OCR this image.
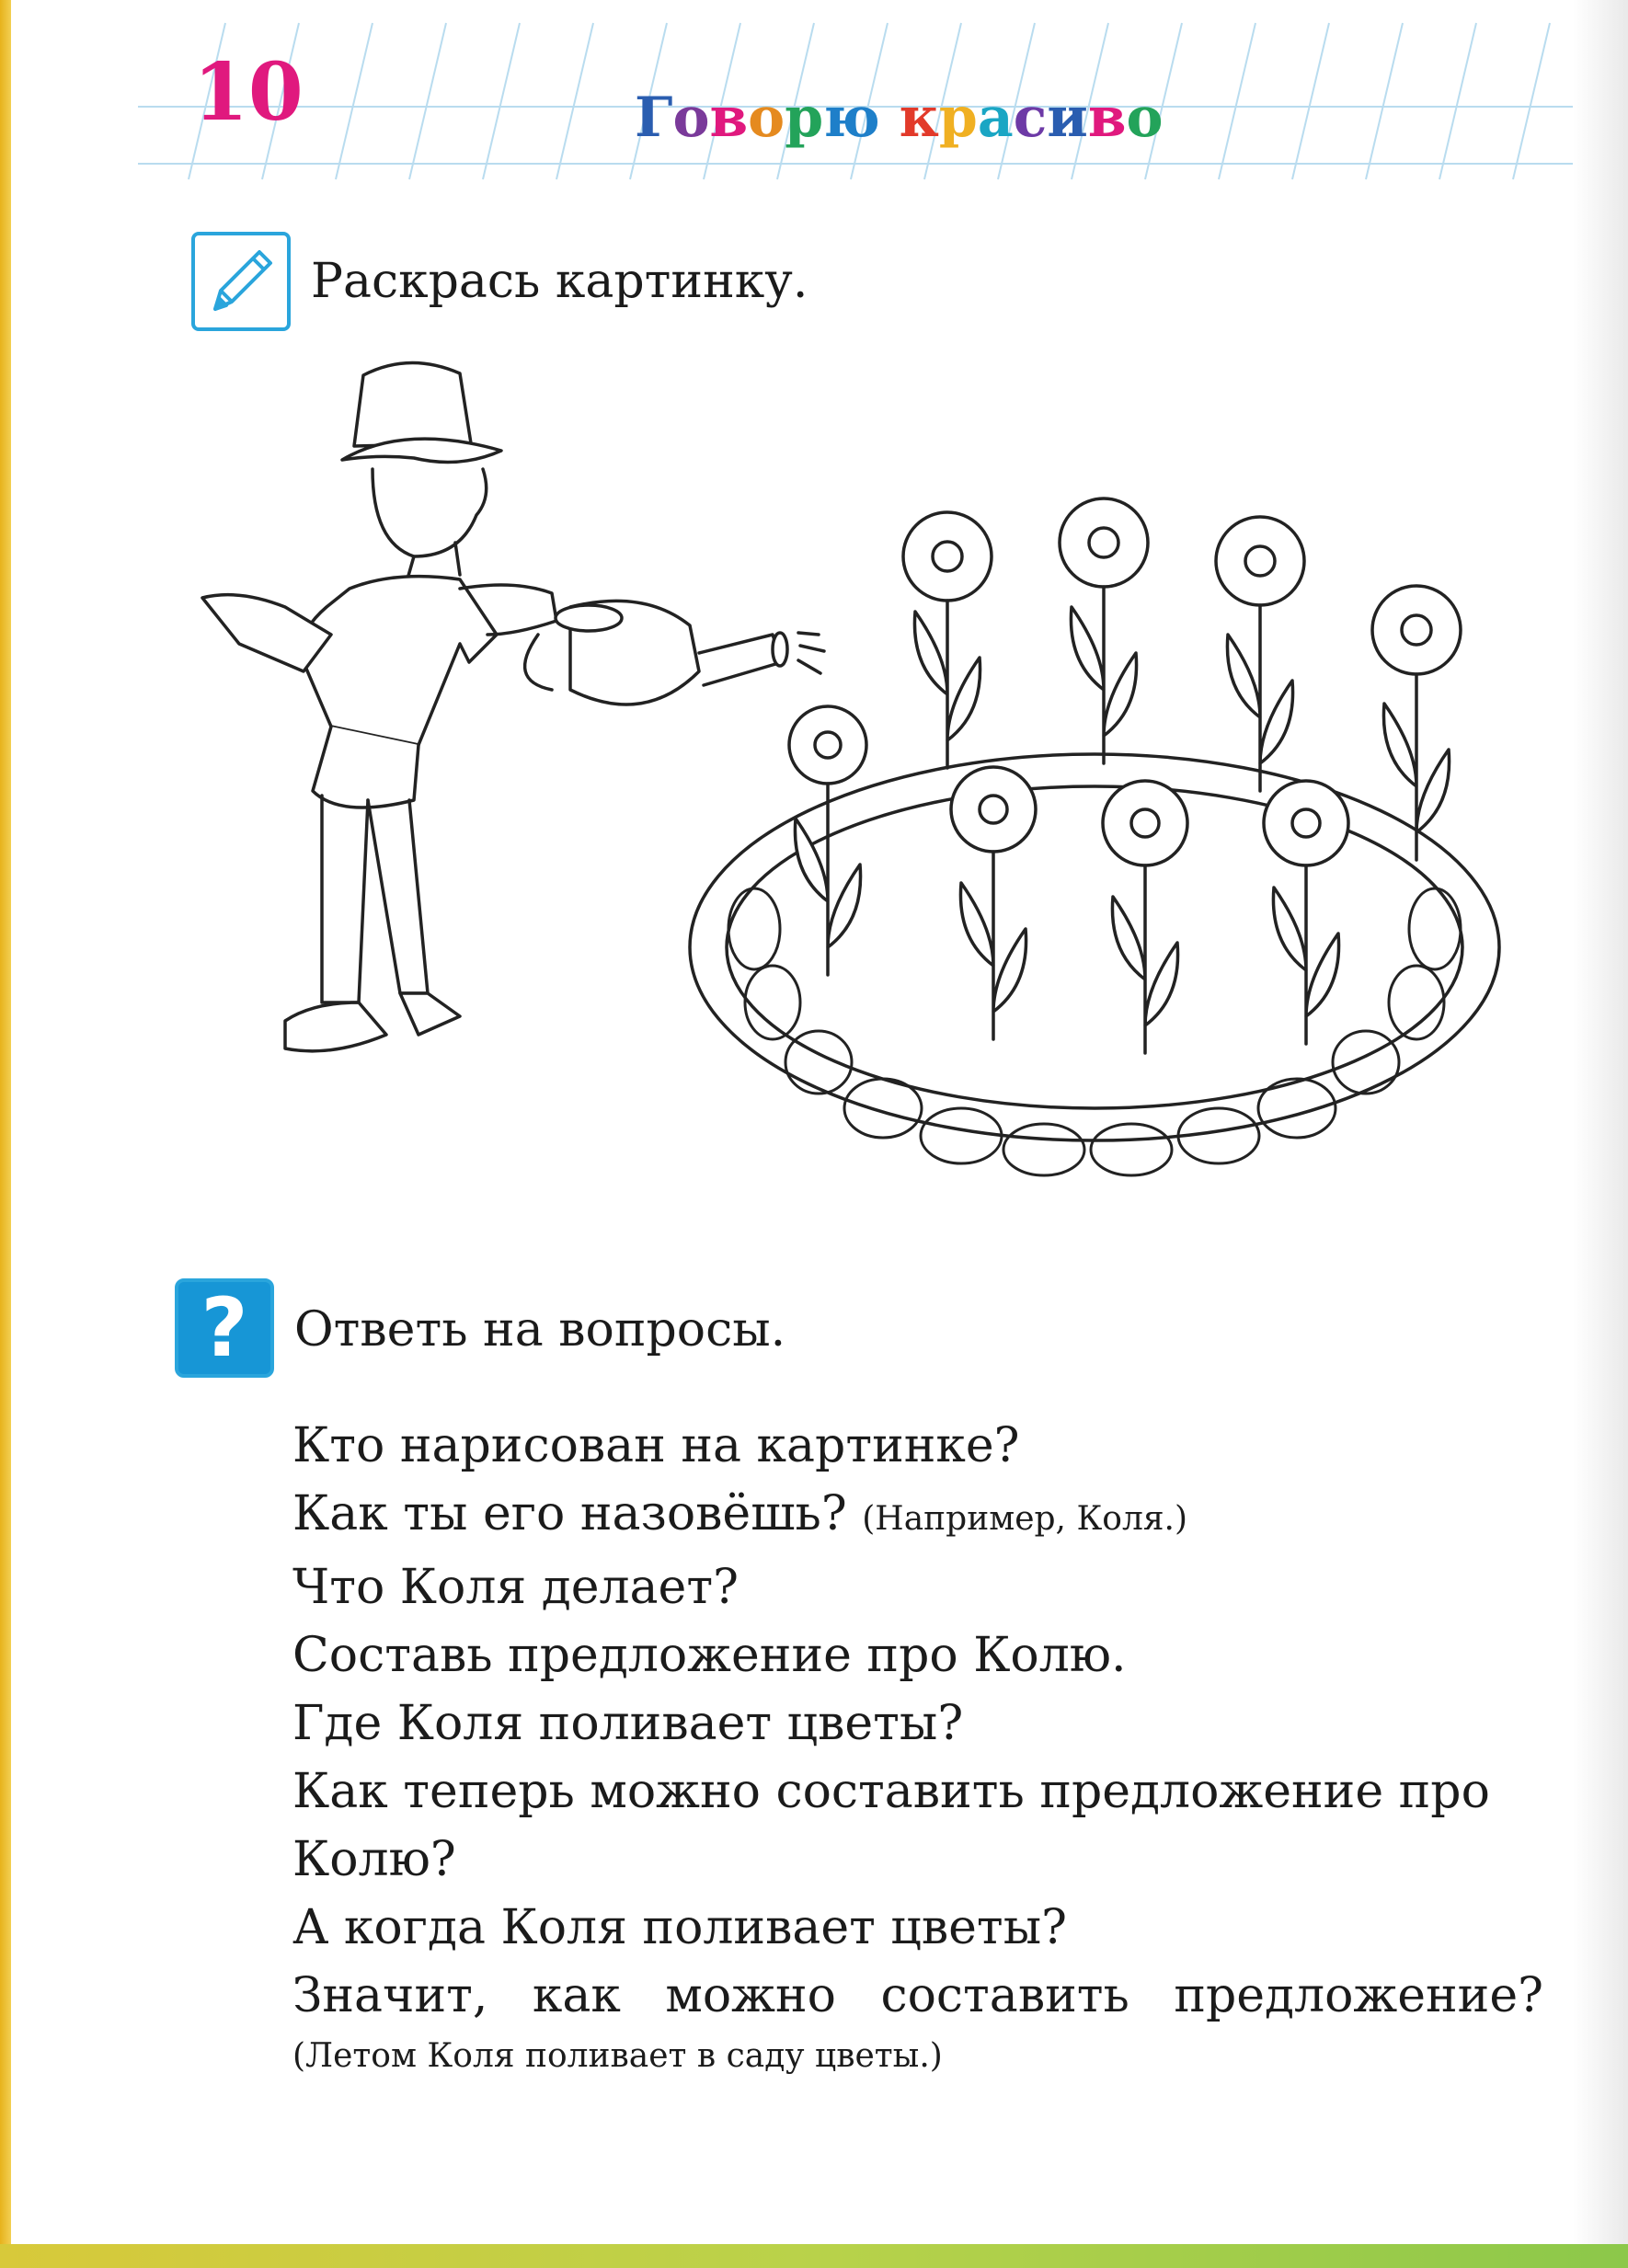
10	Говорю красиво
Раскрась картинку.
? Ответь на вопросы.
Кто нарисован на картинке?
Как ты его назовёшь? (Например, Коля.)
Что Коля делает?
Составь предложение про Колю.
Где Коля поливает цветы?
Как теперь можно составить предложение про Колю?
А когда Коля поливает цветы?
Значит, как можно составить предложение?
(Летом Коля поливает в саду цветы.)
